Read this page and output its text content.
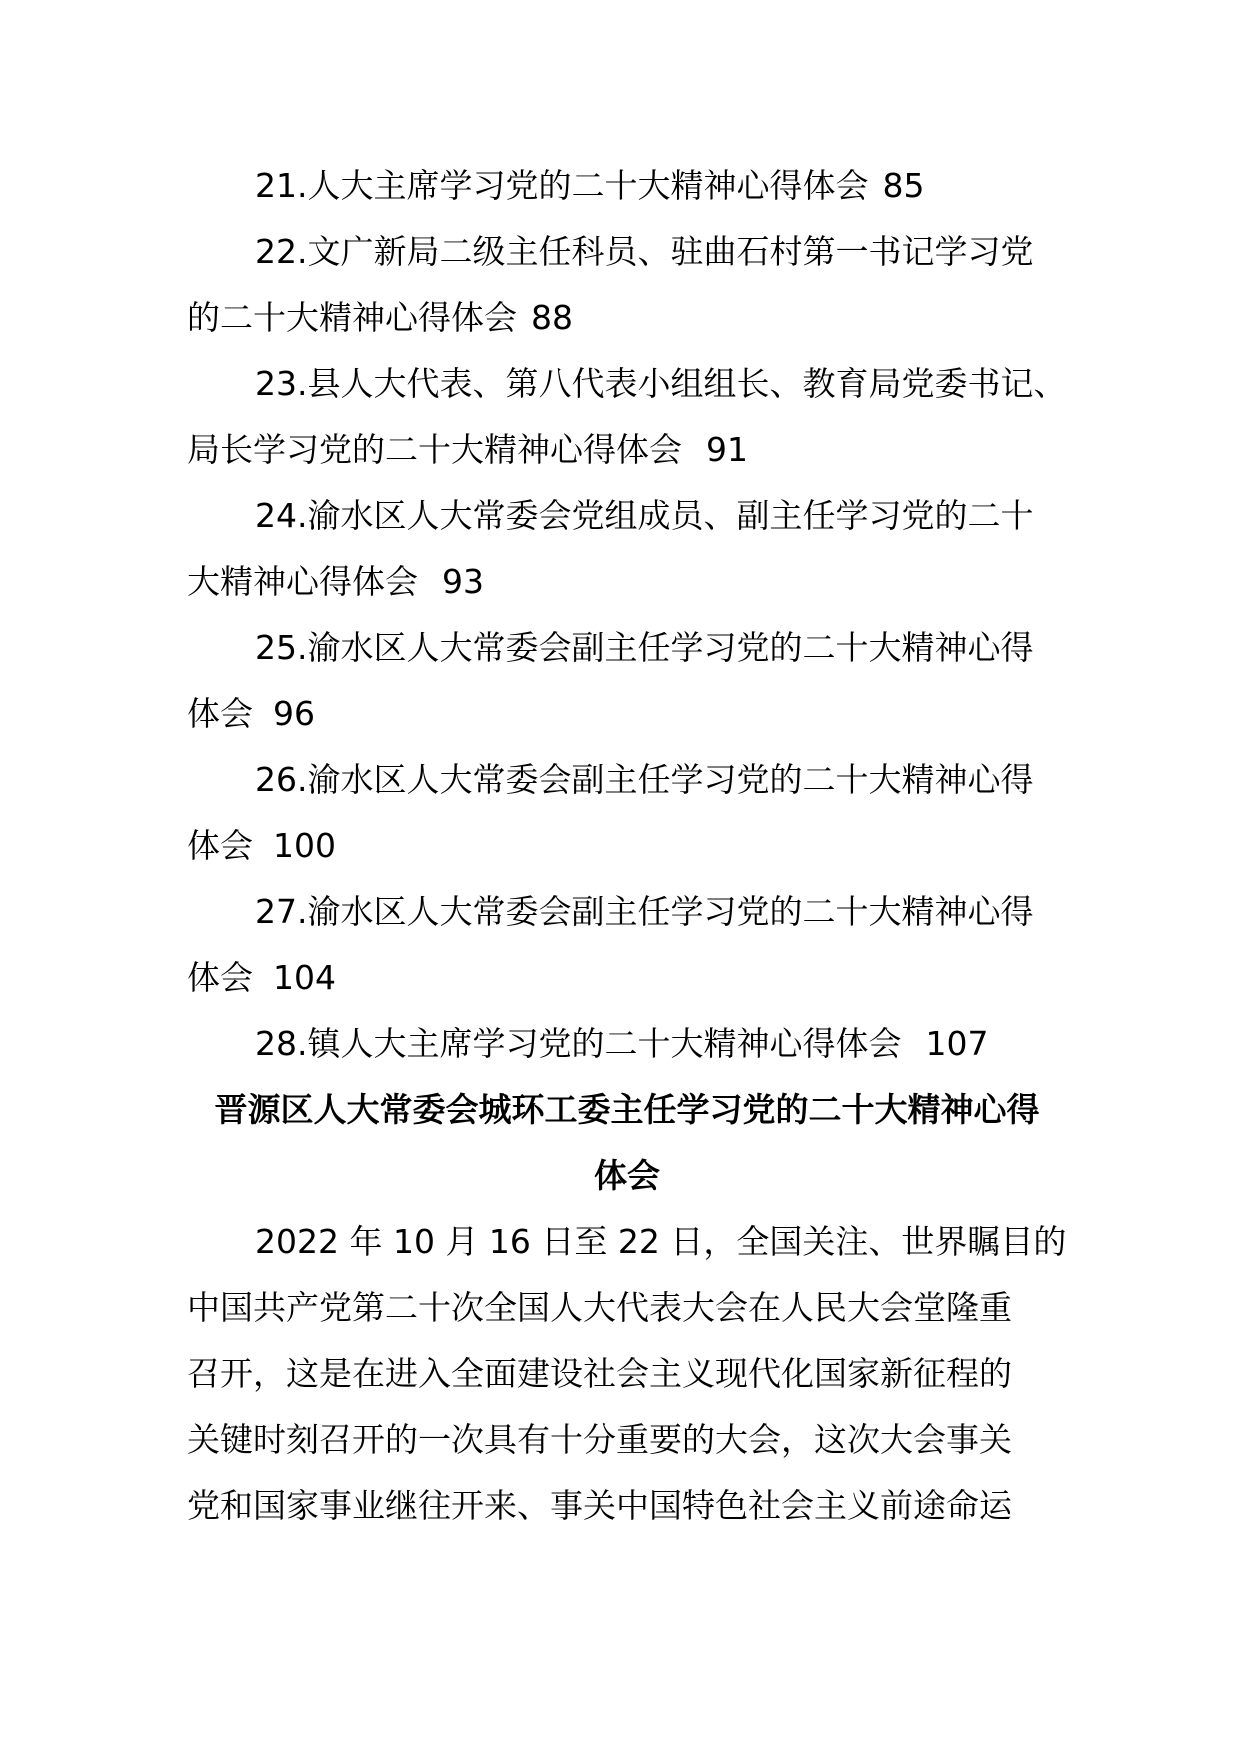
21.人大主席学习党的二十大精神心得体会 85
22.文广新局二级主任科员、驻曲石村第一书记学习党
的二十大精神心得体会 88
23.县人大代表、第八代表小组组长、教育局党委书记、
局长学习党的二十大精神心得体会 91
24.渝水区人大常委会党组成员、副主任学习党的二十
大精神心得体会 93
25.渝水区人大常委会副主任学习党的二十大精神心得
体会 96
26.渝水区人大常委会副主任学习党的二十大精神心得
体会 100
27.渝水区人大常委会副主任学习党的二十大精神心得
体会 104
28.镇人大主席学习党的二十大精神心得体会 107
晋源区人大常委会城环工委主任学习党的二十大精神心得
体会
2022 年 10 月 16 日至 22 日，全国关注、世界瞩目的
中国共产党第二十次全国人大代表大会在人民大会堂隆重
召开，这是在进入全面建设社会主义现代化国家新征程的
关键时刻召开的一次具有十分重要的大会，这次大会事关
党和国家事业继往开来、事关中国特色社会主义前途命运
